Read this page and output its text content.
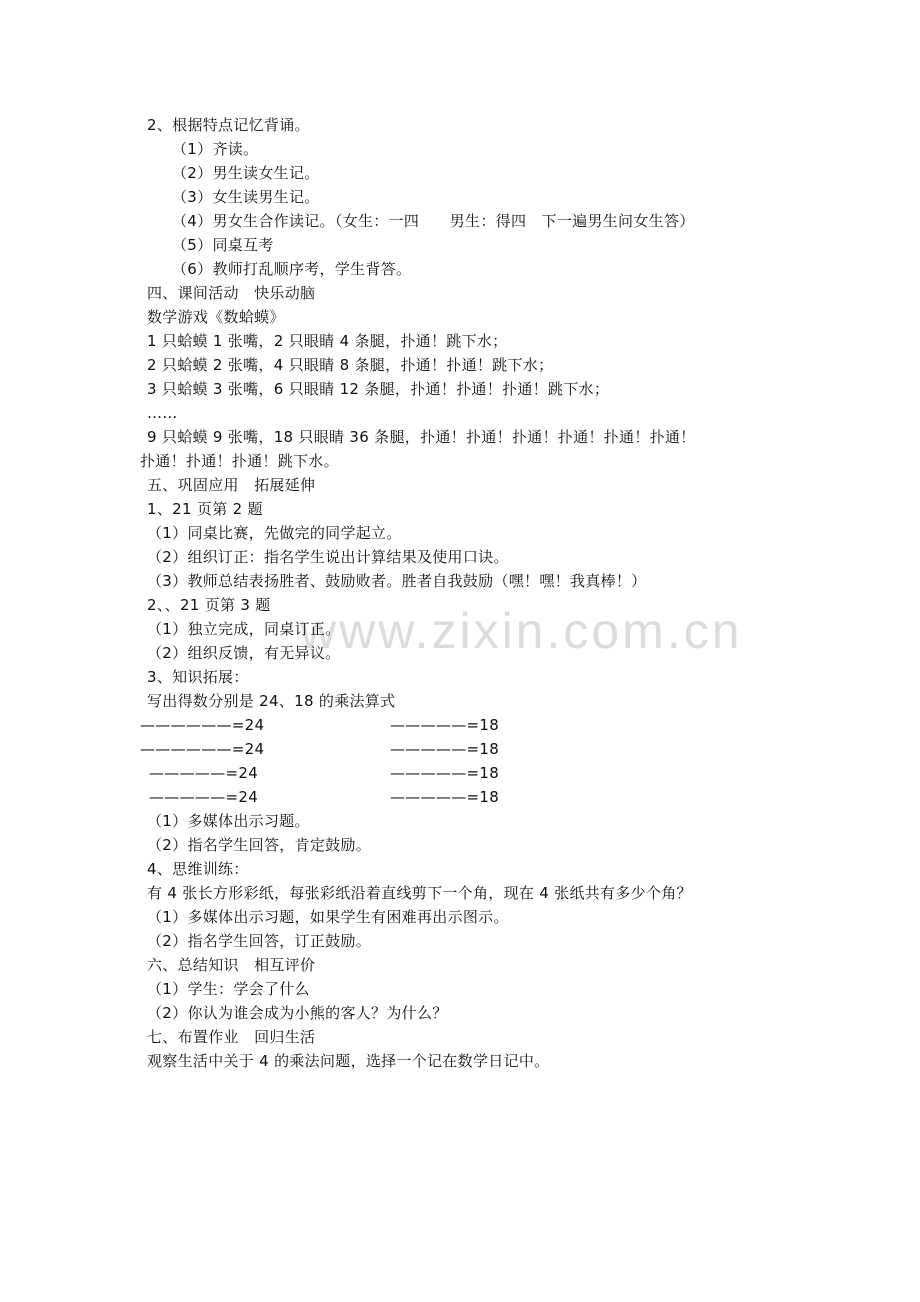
www.zixin.com.cn
2、根据特点记忆背诵。
（1）齐读。
（2）男生读女生记。
（3）女生读男生记。
（4）男女生合作读记。（女生：一四　　男生：得四　下一遍男生问女生答）
（5）同桌互考
（6）教师打乱顺序考，学生背答。
四、课间活动　快乐动脑
数学游戏《数蛤蟆》
1 只蛤蟆 1 张嘴，2 只眼睛 4 条腿，扑通！跳下水；
2 只蛤蟆 2 张嘴，4 只眼睛 8 条腿，扑通！扑通！跳下水；
3 只蛤蟆 3 张嘴，6 只眼睛 12 条腿，扑通！扑通！扑通！跳下水；
……
9 只蛤蟆 9 张嘴，18 只眼睛 36 条腿，扑通！扑通！扑通！扑通！扑通！扑通！
扑通！扑通！扑通！跳下水。
五、巩固应用　拓展延伸
1、21 页第 2 题
（1）同桌比赛，先做完的同学起立。
（2）组织订正：指名学生说出计算结果及使用口诀。
（3）教师总结表扬胜者、鼓励败者。胜者自我鼓励（嘿！嘿！我真棒！）
2、、21 页第 3 题
（1）独立完成，同桌订正。
（2）组织反馈，有无异议。
3、知识拓展：
写出得数分别是 24、18 的乘法算式
——————=24	—————=18
——————=24	—————=18
—————=24	—————=18
—————=24	—————=18
（1）多媒体出示习题。
（2）指名学生回答，肯定鼓励。
4、思维训练：
有 4 张长方形彩纸，每张彩纸沿着直线剪下一个角，现在 4 张纸共有多少个角？
（1）多媒体出示习题，如果学生有困难再出示图示。
（2）指名学生回答，订正鼓励。
六、总结知识　相互评价
（1）学生：学会了什么
（2）你认为谁会成为小熊的客人？为什么？
七、布置作业　回归生活
观察生活中关于 4 的乘法问题，选择一个记在数学日记中。
